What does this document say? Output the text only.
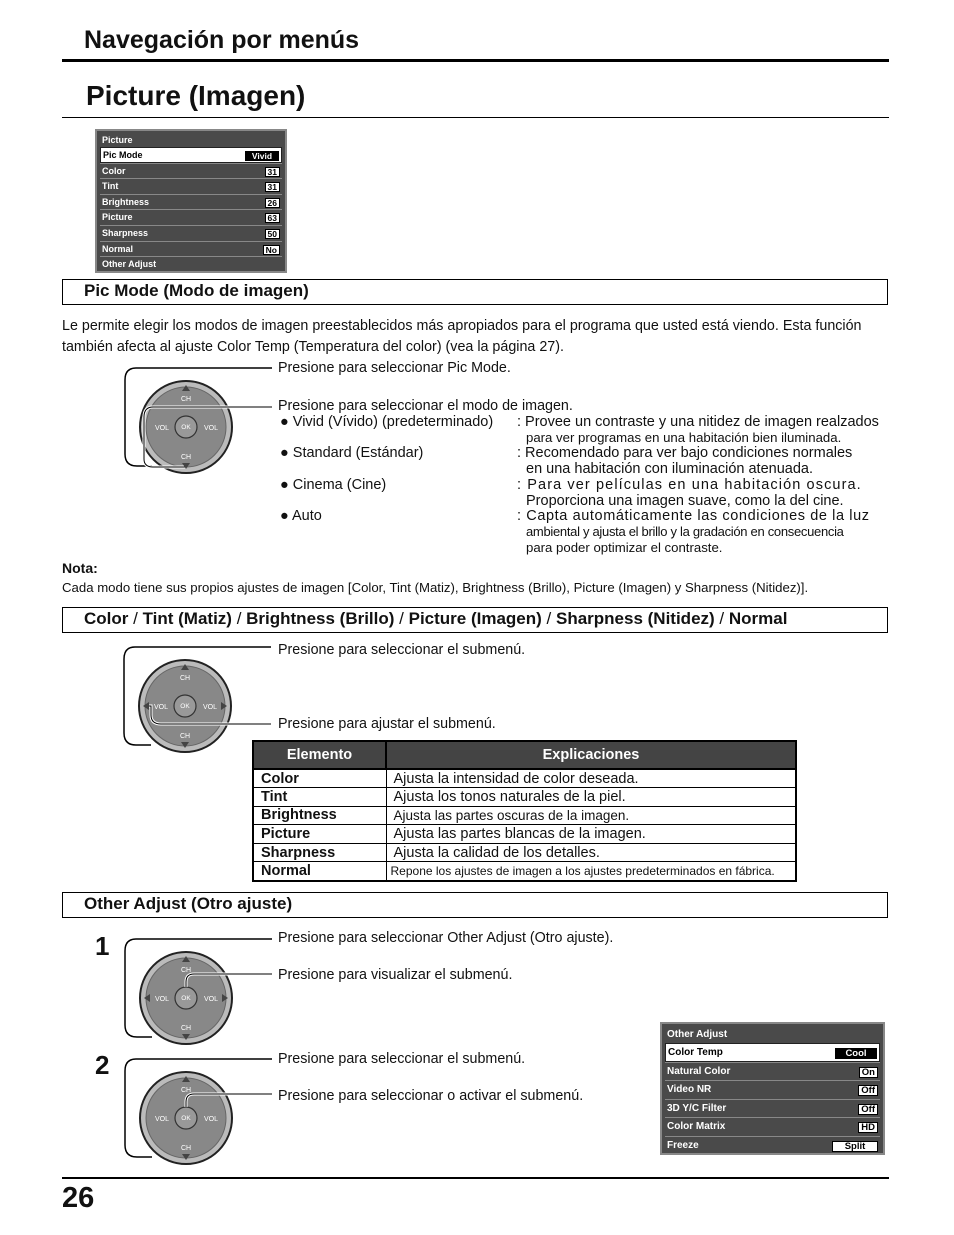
Navegación por menús
Picture (Imagen)
Picture
Pic Mode	Vivid
Color	31
Tint	31
Brightness	26
Picture	63
Sharpness	50
Normal	No
Other Adjust
Pic Mode (Modo de imagen)
Le permite elegir los modos de imagen preestablecidos más apropiados para el programa que usted está viendo. Esta función también afecta al ajuste Color Temp (Temperatura del color) (vea la página 27).
CH
CH
VOL	VOL
OK
Presione para seleccionar Pic Mode.
Presione para seleccionar el modo de imagen.
● Vivid (Vívido) (predeterminado)	: Provee un contraste y una nitidez de imagen realzados
para ver programas en una habitación bien iluminada.
● Standard (Estándar)	: Recomendado para ver bajo condiciones normales
en una habitación con iluminación atenuada.
● Cinema (Cine)	: Para ver películas en una habitación oscura.
Proporciona una imagen suave, como la del cine.
● Auto	: Capta automáticamente las condiciones de la luz
ambiental y ajusta el brillo y la gradación en consecuencia
para poder optimizar el contraste.
Nota:
Cada modo tiene sus propios ajustes de imagen [Color, Tint (Matiz), Brightness (Brillo), Picture (Imagen) y Sharpness (Nitidez)].
Color / Tint (Matiz) / Brightness (Brillo) / Picture (Imagen) / Sharpness (Nitidez) / Normal
CH
CH
VOL	VOL
OK
Presione para seleccionar el submenú.
Presione para ajustar el submenú.
Elemento	Explicaciones
Color	Ajusta la intensidad de color deseada.
Tint	Ajusta los tonos naturales de la piel.
Brightness	Ajusta las partes oscuras de la imagen.
Picture	Ajusta las partes blancas de la imagen.
Sharpness	Ajusta la calidad de los detalles.
Normal	Repone los ajustes de imagen a los ajustes predeterminados en fábrica.
Other Adjust (Otro ajuste)
1
2
CH
CH
VOL	VOL
OK
CH
CH
VOL	VOL
OK
Presione para seleccionar Other Adjust (Otro ajuste).
Presione para visualizar el submenú.
Presione para seleccionar el submenú.
Presione para seleccionar o activar el submenú.
Other Adjust
Color Temp	Cool
Natural Color	On
Video NR	Off
3D Y/C Filter	Off
Color Matrix	HD
Freeze	Split
26
